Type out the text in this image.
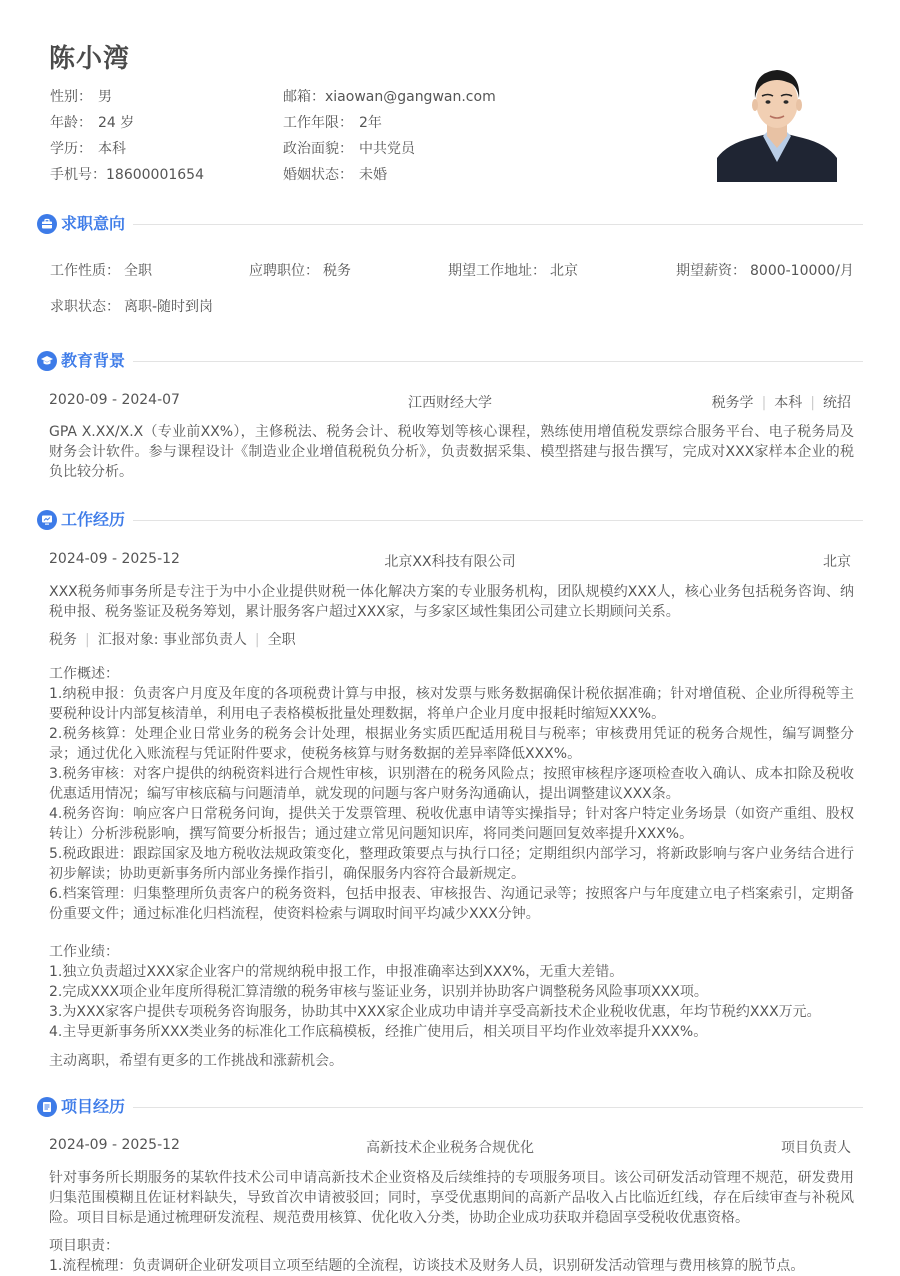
陈小湾
性别： 男
年龄： 24 岁
学历： 本科
手机号：18600001654
邮箱：xiaowan@gangwan.com
工作年限： 2年
政治面貌： 中共党员
婚姻状态： 未婚
求职意向
工作性质： 全职	应聘职位： 税务	期望工作地址： 北京	期望薪资： 8000-10000/月
求职状态： 离职-随时到岗
教育背景
2020-09 - 2024-07	江西财经大学	税务学 | 本科 | 统招
GPA X.XX/X.X（专业前XX%），主修税法、税务会计、税收筹划等核心课程，熟练使用增值税发票综合服务平台、电子税务局及财务会计软件。参与课程设计《制造业企业增值税税负分析》，负责数据采集、模型搭建与报告撰写，完成对XXX家样本企业的税负比较分析。
工作经历
2024-09 - 2025-12	北京XX科技有限公司	北京
XXX税务师事务所是专注于为中小企业提供财税一体化解决方案的专业服务机构，团队规模约XXX人，核心业务包括税务咨询、纳税申报、税务鉴证及税务筹划，累计服务客户超过XXX家，与多家区域性集团公司建立长期顾问关系。
税务 | 汇报对象: 事业部负责人 | 全职

工作概述：

1.纳税申报：负责客户月度及年度的各项税费计算与申报，核对发票与账务数据确保计税依据准确；针对增值税、企业所得税等主要税种设计内部复核清单，利用电子表格模板批量处理数据，将单户企业月度申报耗时缩短XXX%。

2.税务核算：处理企业日常业务的税务会计处理，根据业务实质匹配适用税目与税率；审核费用凭证的税务合规性，编写调整分录；通过优化入账流程与凭证附件要求，使税务核算与财务数据的差异率降低XXX%。

3.税务审核：对客户提供的纳税资料进行合规性审核，识别潜在的税务风险点；按照审核程序逐项检查收入确认、成本扣除及税收优惠适用情况；编写审核底稿与问题清单，就发现的问题与客户财务沟通确认，提出调整建议XXX条。

4.税务咨询：响应客户日常税务问询，提供关于发票管理、税收优惠申请等实操指导；针对客户特定业务场景（如资产重组、股权转让）分析涉税影响，撰写简要分析报告；通过建立常见问题知识库，将同类问题回复效率提升XXX%。

5.税政跟进：跟踪国家及地方税收法规政策变化，整理政策要点与执行口径；定期组织内部学习，将新政影响与客户业务结合进行初步解读；协助更新事务所内部业务操作指引，确保服务内容符合最新规定。

6.档案管理：归集整理所负责客户的税务资料，包括申报表、审核报告、沟通记录等；按照客户与年度建立电子档案索引，定期备份重要文件；通过标准化归档流程，使资料检索与调取时间平均减少XXX分钟。

工作业绩：

1.独立负责超过XXX家企业客户的常规纳税申报工作，申报准确率达到XXX%，无重大差错。

2.完成XXX项企业年度所得税汇算清缴的税务审核与鉴证业务，识别并协助客户调整税务风险事项XXX项。

3.为XXX家客户提供专项税务咨询服务，协助其中XXX家企业成功申请并享受高新技术企业税收优惠，年均节税约XXX万元。

4.主导更新事务所XXX类业务的标准化工作底稿模板，经推广使用后，相关项目平均作业效率提升XXX%。

主动离职，希望有更多的工作挑战和涨薪机会。
项目经历
2024-09 - 2025-12	高新技术企业税务合规优化	项目负责人
针对事务所长期服务的某软件技术公司申请高新技术企业资格及后续维持的专项服务项目。该公司研发活动管理不规范，研发费用归集范围模糊且佐证材料缺失，导致首次申请被驳回；同时，享受优惠期间的高新产品收入占比临近红线，存在后续审查与补税风险。项目目标是通过梳理研发流程、规范费用核算、优化收入分类，协助企业成功获取并稳固享受税收优惠资格。

项目职责：

1.流程梳理：负责调研企业研发项目立项至结题的全流程，访谈技术及财务人员，识别研发活动管理与费用核算的脱节点。
